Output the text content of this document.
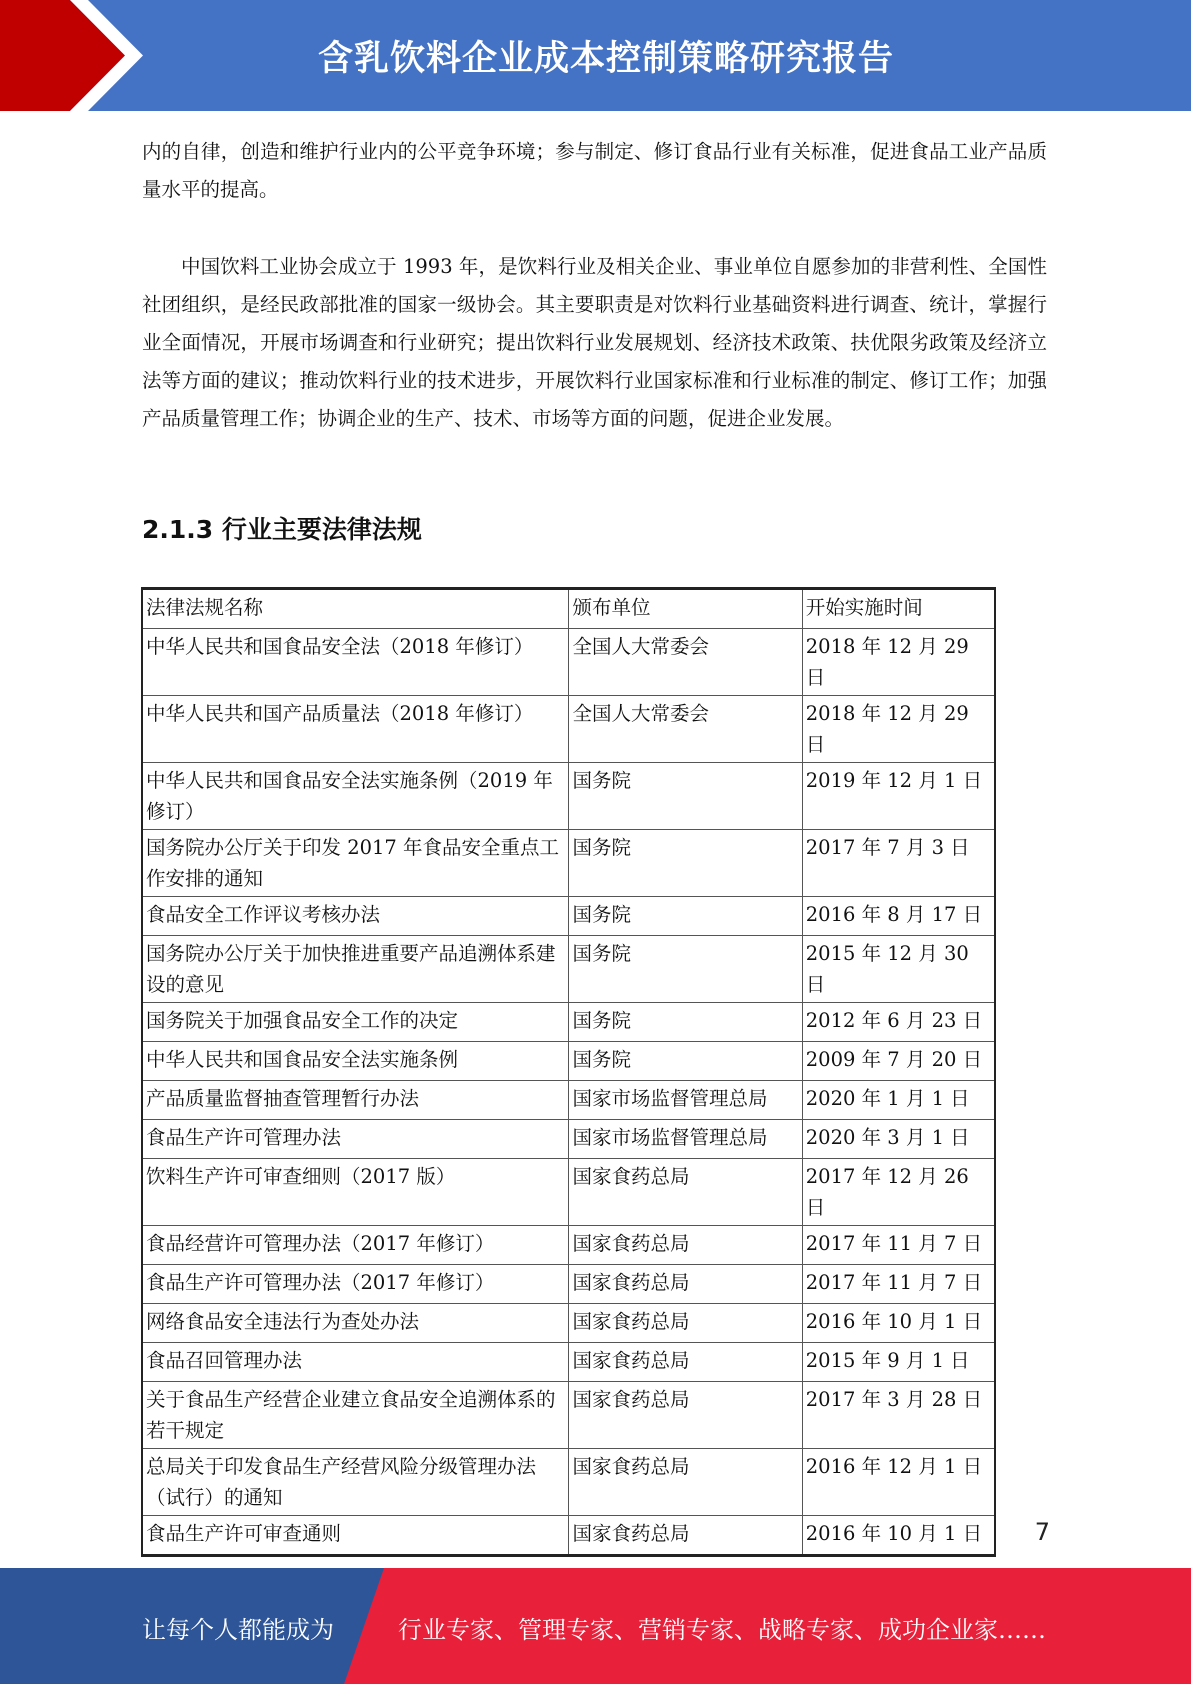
含乳饮料企业成本控制策略研究报告

内的自律，创造和维护行业内的公平竞争环境；参与制定、修订食品行业有关标准，促进食品工业产品质量水平的提高。

中国饮料工业协会成立于 1993 年，是饮料行业及相关企业、事业单位自愿参加的非营利性、全国性社团组织，是经民政部批准的国家一级协会。其主要职责是对饮料行业基础资料进行调查、统计，掌握行业全面情况，开展市场调查和行业研究；提出饮料行业发展规划、经济技术政策、扶优限劣政策及经济立法等方面的建议；推动饮料行业的技术进步，开展饮料行业国家标准和行业标准的制定、修订工作；加强产品质量管理工作；协调企业的生产、技术、市场等方面的问题，促进企业发展。

2.1.3 行业主要法律法规
法律法规名称	颁布单位	开始实施时间
中华人民共和国食品安全法（2018 年修订）	全国人大常委会	2018 年 12 月 29 日
中华人民共和国产品质量法（2018 年修订）	全国人大常委会	2018 年 12 月 29 日
中华人民共和国食品安全法实施条例（2019 年修订）	国务院	2019 年 12 月 1 日
国务院办公厅关于印发 2017 年食品安全重点工作安排的通知	国务院	2017 年 7 月 3 日
食品安全工作评议考核办法	国务院	2016 年 8 月 17 日
国务院办公厅关于加快推进重要产品追溯体系建设的意见	国务院	2015 年 12 月 30 日
国务院关于加强食品安全工作的决定	国务院	2012 年 6 月 23 日
中华人民共和国食品安全法实施条例	国务院	2009 年 7 月 20 日
产品质量监督抽查管理暂行办法	国家市场监督管理总局	2020 年 1 月 1 日
食品生产许可管理办法	国家市场监督管理总局	2020 年 3 月 1 日
饮料生产许可审查细则（2017 版）	国家食药总局	2017 年 12 月 26 日
食品经营许可管理办法（2017 年修订）	国家食药总局	2017 年 11 月 7 日
食品生产许可管理办法（2017 年修订）	国家食药总局	2017 年 11 月 7 日
网络食品安全违法行为查处办法	国家食药总局	2016 年 10 月 1 日
食品召回管理办法	国家食药总局	2015 年 9 月 1 日
关于食品生产经营企业建立食品安全追溯体系的若干规定	国家食药总局	2017 年 3 月 28 日
总局关于印发食品生产经营风险分级管理办法（试行）的通知	国家食药总局	2016 年 12 月 1 日
食品生产许可审查通则	国家食药总局	2016 年 10 月 1 日	7
让每个人都能成为	行业专家、管理专家、营销专家、战略专家、成功企业家……
